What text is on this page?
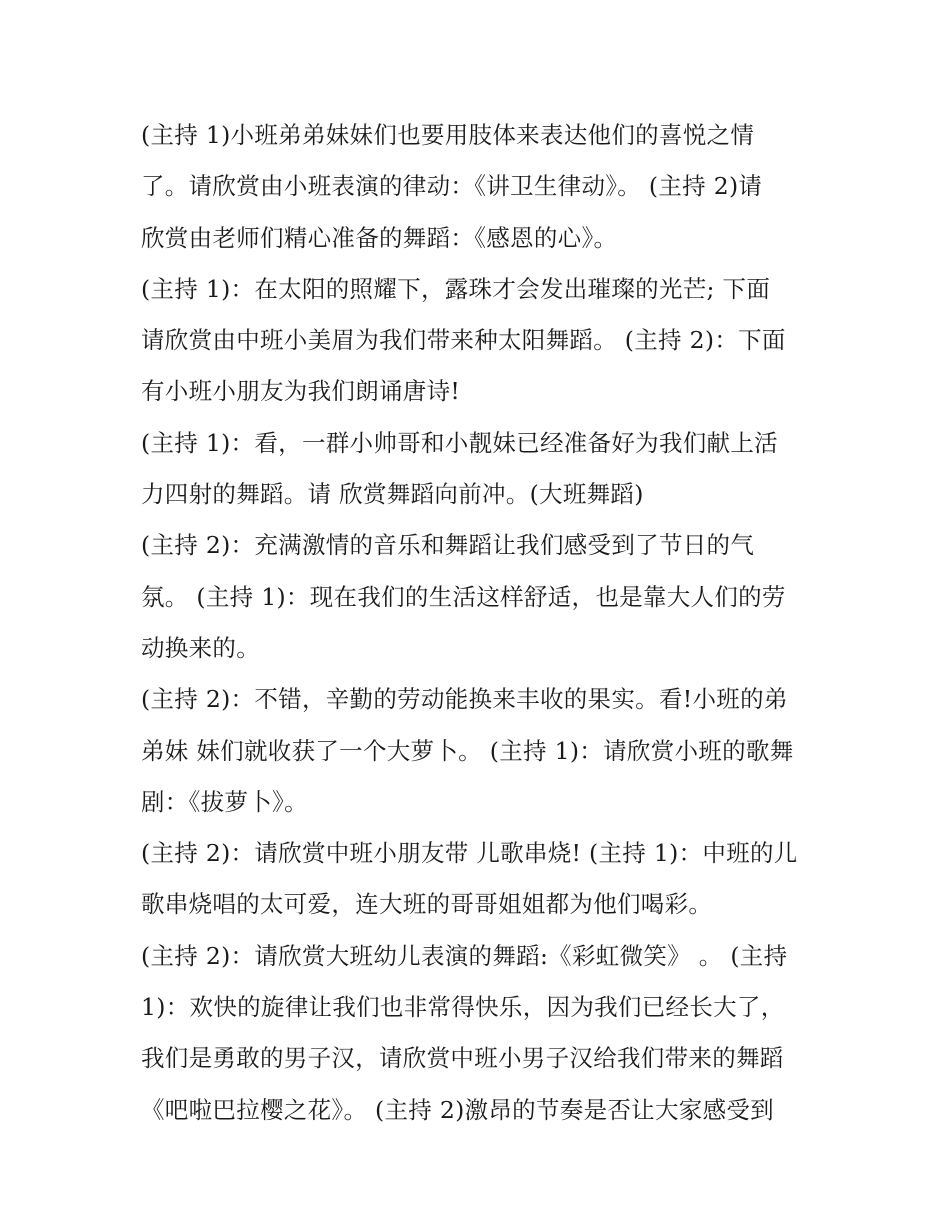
(主持 1)小班弟弟妹妹们也要用肢体来表达他们的喜悦之情
了。请欣赏由小班表演的律动：《讲卫生律动》。 (主持 2)请
欣赏由老师们精心准备的舞蹈：《感恩的心》。
(主持 1)：在太阳的照耀下，露珠才会发出璀璨的光芒; 下面
请欣赏由中班小美眉为我们带来种太阳舞蹈。 (主持 2)：下面
有小班小朋友为我们朗诵唐诗!
(主持 1)：看，一群小帅哥和小靓妹已经准备好为我们献上活
力四射的舞蹈。请 欣赏舞蹈向前冲。(大班舞蹈)
(主持 2)：充满激情的音乐和舞蹈让我们感受到了节日的气
氛。 (主持 1)：现在我们的生活这样舒适，也是靠大人们的劳
动换来的。
(主持 2)：不错，辛勤的劳动能换来丰收的果实。看!小班的弟
弟妹 妹们就收获了一个大萝卜。 (主持 1)：请欣赏小班的歌舞
剧：《拔萝卜》。
(主持 2)：请欣赏中班小朋友带 儿歌串烧! (主持 1)：中班的儿
歌串烧唱的太可爱，连大班的哥哥姐姐都为他们喝彩。
(主持 2)：请欣赏大班幼儿表演的舞蹈:《彩虹微笑》 。 (主持
1)：欢快的旋律让我们也非常得快乐，因为我们已经长大了，
我们是勇敢的男子汉，请欣赏中班小男子汉给我们带来的舞蹈
《吧啦巴拉樱之花》。 (主持 2)激昂的节奏是否让大家感受到
